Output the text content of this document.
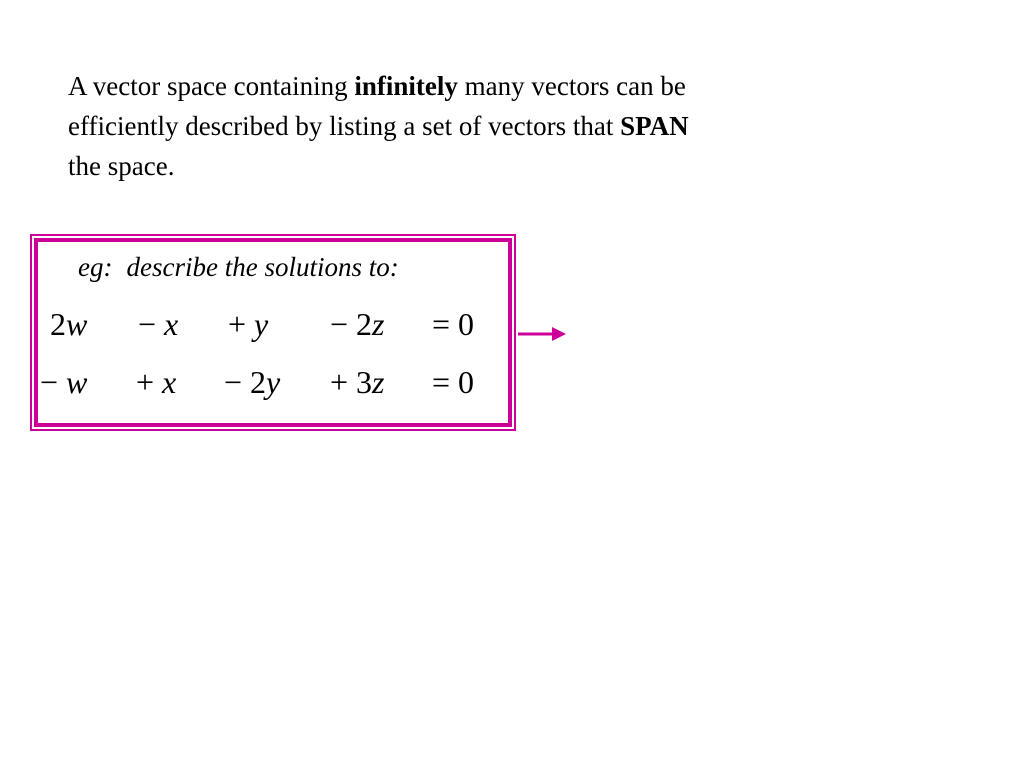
A vector space containing infinitely many vectors can be
efficiently described by listing a set of vectors that SPAN
the space.

eg: describe the solutions to:

2w − x + y − 2z = 0
− w + x − 2y + 3z = 0
